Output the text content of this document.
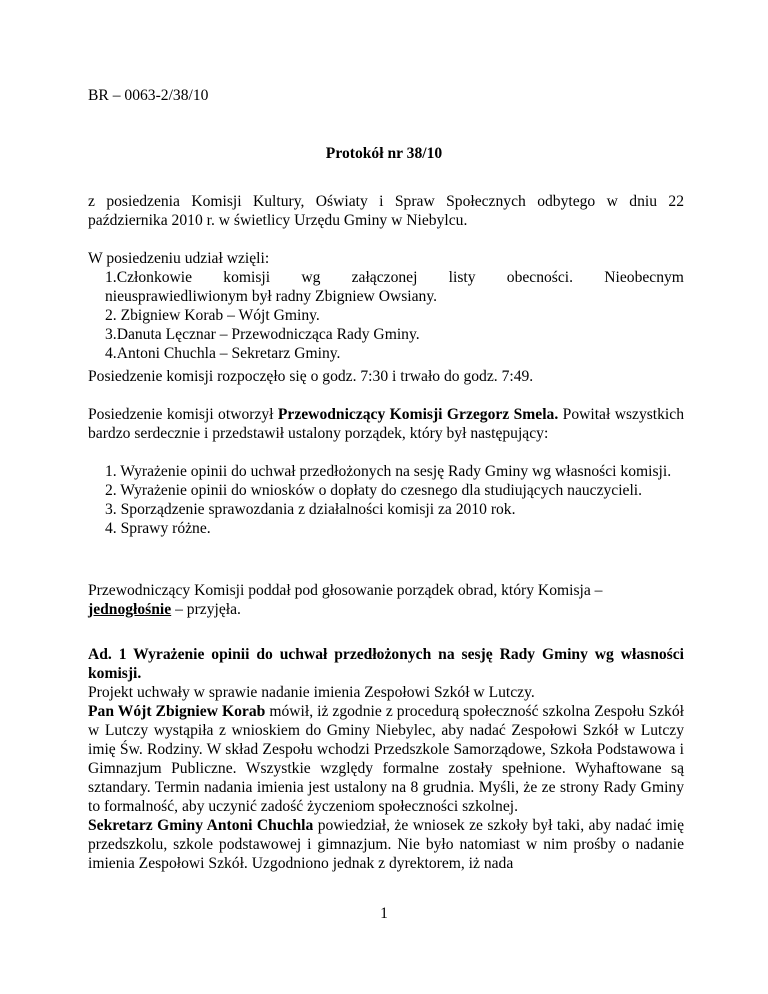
BR – 0063-2/38/10
Protokół nr 38/10

z posiedzenia Komisji Kultury, Oświaty i Spraw Społecznych odbytego w dniu 22 października 2010 r. w świetlicy Urzędu Gminy w Niebylcu.

W posiedzeniu udział wzięli:

1.Członkowie komisji wg załączonej listy obecności. Nieobecnym

nieusprawiedliwionym był radny Zbigniew Owsiany.

2. Zbigniew Korab – Wójt Gminy.

3.Danuta Lęcznar – Przewodnicząca Rady Gminy.

4.Antoni Chuchla – Sekretarz Gminy.

Posiedzenie komisji rozpoczęło się o godz. 7:30 i trwało do godz. 7:49.

Posiedzenie komisji otworzył Przewodniczący Komisji Grzegorz Smela. Powitał wszystkich bardzo serdecznie i przedstawił ustalony porządek, który był następujący:

1. Wyrażenie opinii do uchwał przedłożonych na sesję Rady Gminy wg własności komisji.

2. Wyrażenie opinii do wniosków o dopłaty do czesnego dla studiujących nauczycieli.

3. Sporządzenie sprawozdania z działalności komisji za 2010 rok.

4. Sprawy różne.

Przewodniczący Komisji poddał pod głosowanie porządek obrad, który Komisja –
jednogłośnie – przyjęła.

Ad. 1 Wyrażenie opinii do uchwał przedłożonych na sesję Rady Gminy wg własności komisji.

Projekt uchwały w sprawie nadanie imienia Zespołowi Szkół w Lutczy.

Pan Wójt Zbigniew Korab mówił, iż zgodnie z procedurą społeczność szkolna Zespołu Szkół w Lutczy wystąpiła z wnioskiem do Gminy Niebylec, aby nadać Zespołowi Szkół w Lutczy imię Św. Rodziny. W skład Zespołu wchodzi Przedszkole Samorządowe, Szkoła Podstawowa i Gimnazjum Publiczne. Wszystkie względy formalne zostały spełnione. Wyhaftowane są sztandary. Termin nadania imienia jest ustalony na 8 grudnia. Myśli, że ze strony Rady Gminy to formalność, aby uczynić zadość życzeniom społeczności szkolnej.

Sekretarz Gminy Antoni Chuchla powiedział, że wniosek ze szkoły był taki, aby nadać imię przedszkolu, szkole podstawowej i gimnazjum. Nie było natomiast w nim prośby o nadanie imienia Zespołowi Szkół. Uzgodniono jednak z dyrektorem, iż nada

1
